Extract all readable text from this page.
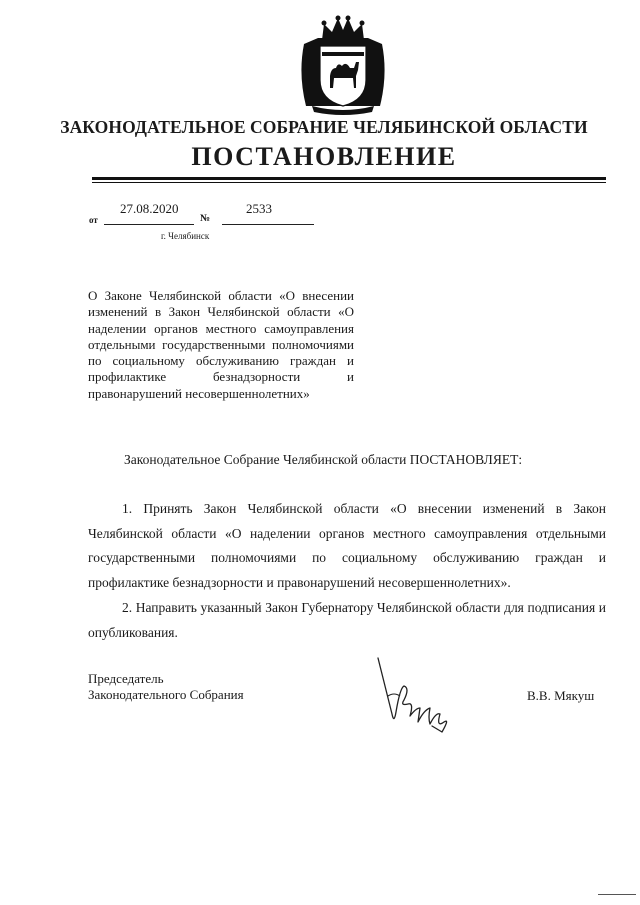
ЗАКОНОДАТЕЛЬНОЕ СОБРАНИЕ ЧЕЛЯБИНСКОЙ ОБЛАСТИ
ПОСТАНОВЛЕНИЕ
от
27.08.2020
№
2533
г. Челябинск
О Законе Челябинской области «О внесении изменений в Закон Челябинской области «О наделении органов местного самоуправления отдельными государственными полномочиями по социальному обслуживанию граждан и профилактике безнадзорности и правонарушений несовершеннолетних»
Законодательное Собрание Челябинской области ПОСТАНОВЛЯЕТ:
1. Принять Закон Челябинской области «О внесении изменений в Закон Челябинской области «О наделении органов местного самоуправления отдельными государственными полномочиями по социальному обслуживанию граждан и профилактике безнадзорности и правонарушений несовершеннолетних».
2. Направить указанный Закон Губернатору Челябинской области для подписания и опубликования.
Председатель
Законодательного Собрания	В.В. Мякуш
